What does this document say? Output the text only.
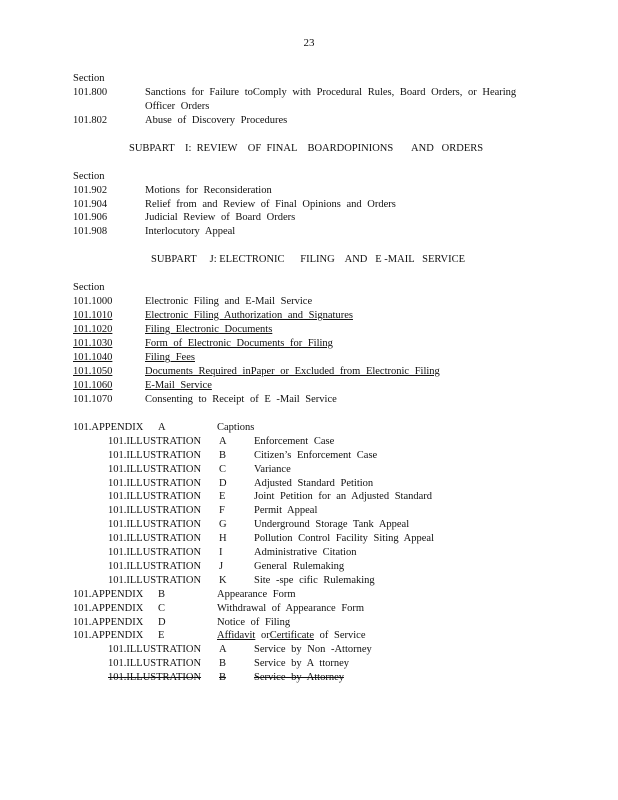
23
Section
101.800	Sanctions for Failure toComply with Procedural Rules, Board Orders, or Hearing
Officer Orders
101.802	Abuse of Discovery Procedures
SUBPART    I:  REVIEW    OF  FINAL    BOARDOPINIONS       AND   ORDERS
Section
101.902	Motions for Reconsideration
101.904	Relief from and Review of Final Opinions and Orders
101.906	Judicial Review of Board Orders
101.908	Interlocutory Appeal
SUBPART     J: ELECTRONIC      FILING    AND   E -MAIL   SERVICE
Section
101.1000	Electronic Filing and E-Mail Service
101.1010	Electronic Filing Authorization and Signatures
101.1020	Filing Electronic Documents
101.1030	Form of Electronic Documents for Filing
101.1040	Filing Fees
101.1050	Documents Required inPaper or Excluded from Electronic Filing
101.1060	E-Mail Service
101.1070	Consenting to Receipt of E -Mail Service
101.APPENDIX A	Captions
101.ILLUSTRATION A	Enforcement Case
101.ILLUSTRATION B	Citizen’s Enforcement Case
101.ILLUSTRATION C	Variance
101.ILLUSTRATION D	Adjusted Standard Petition
101.ILLUSTRATION E	Joint Petition for an Adjusted Standard
101.ILLUSTRATION F	Permit Appeal
101.ILLUSTRATION G	Underground Storage Tank Appeal
101.ILLUSTRATION H	Pollution Control Facility Siting Appeal
101.ILLUSTRATION I	Administrative Citation
101.ILLUSTRATION J	General Rulemaking
101.ILLUSTRATION K	Site -spe cific Rulemaking
101.APPENDIX B	Appearance Form
101.APPENDIX C	Withdrawal of Appearance Form
101.APPENDIX D	Notice of Filing
101.APPENDIX E	Affidavit orCertificate of Service
101.ILLUSTRATION A	Service by Non -Attorney
101.ILLUSTRATION B	Service by A ttorney
101.ILLUSTRATION	B	Service by Attorney
